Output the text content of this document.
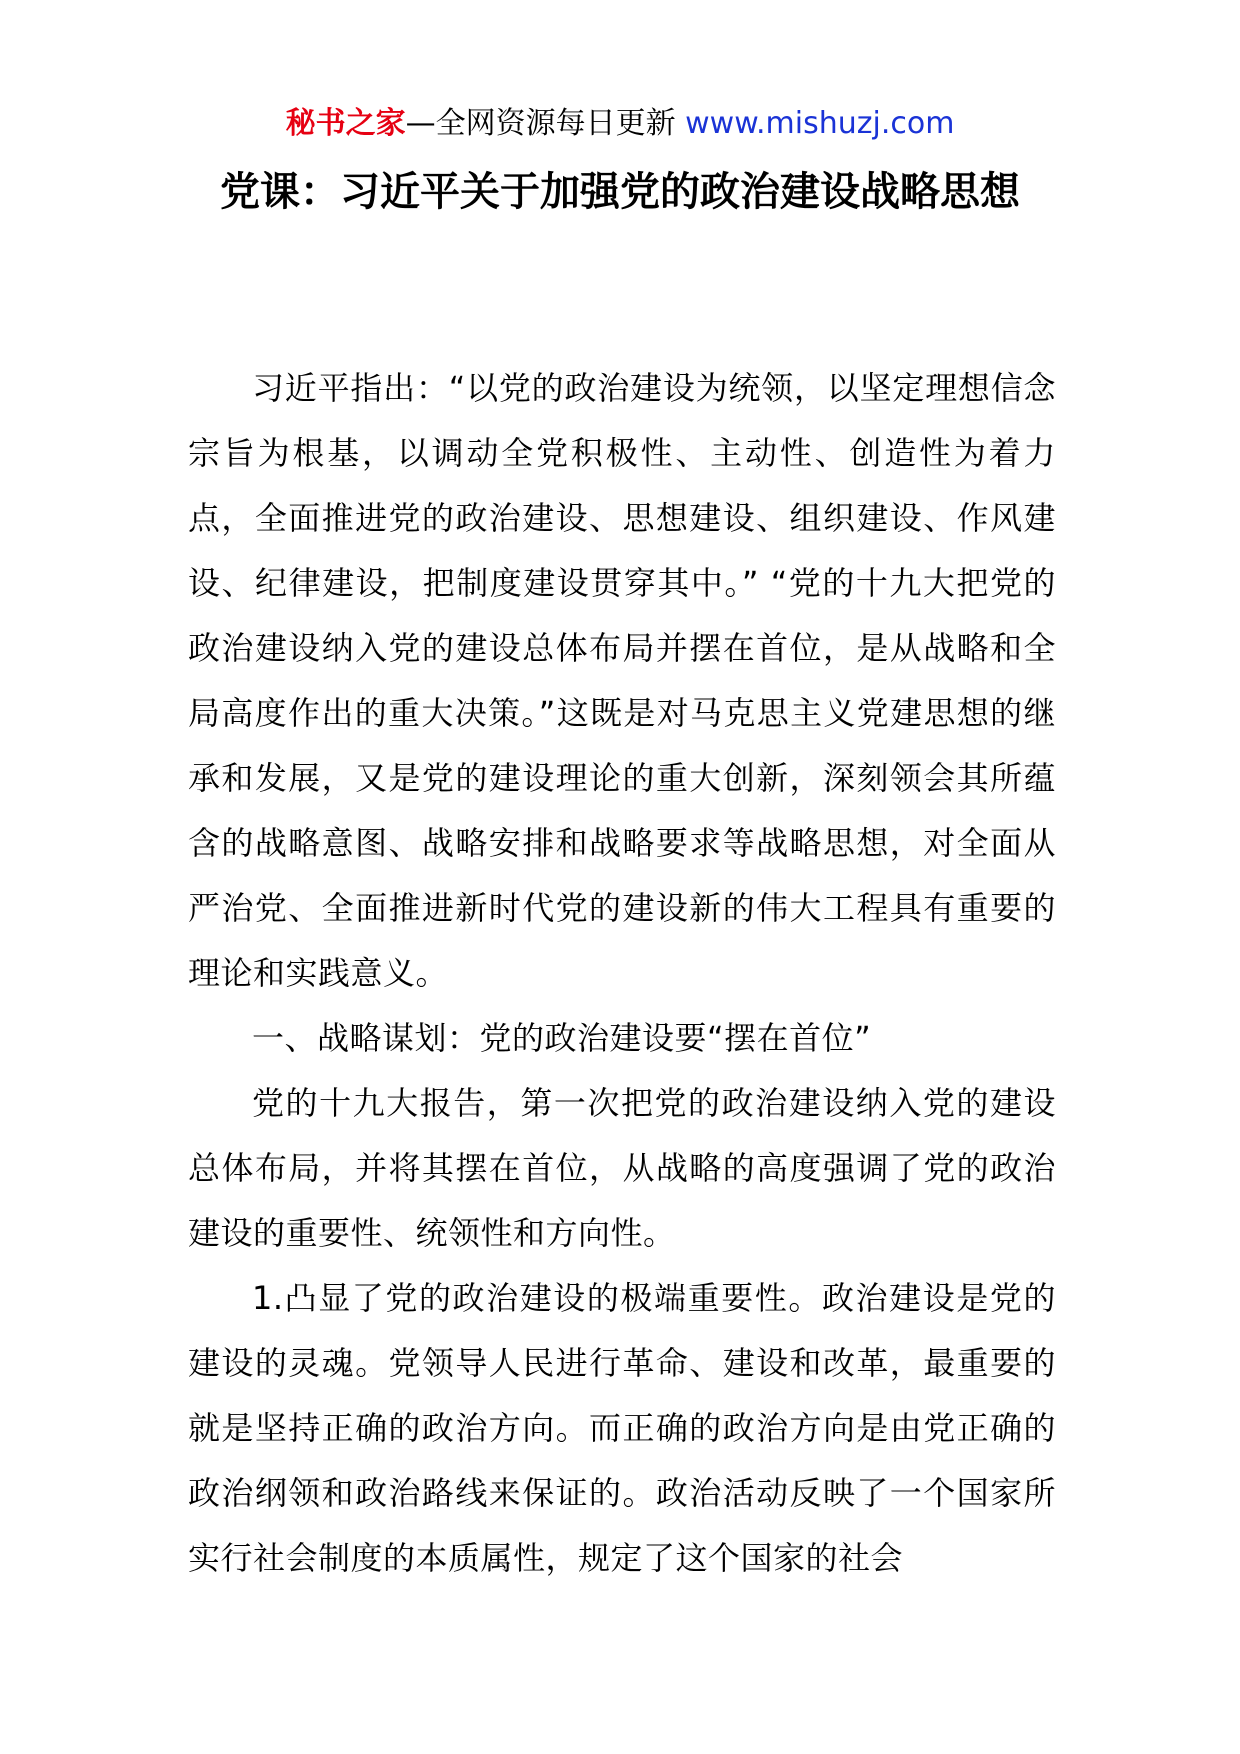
秘书之家—全网资源每日更新 www.mishuzj.com
党课：习近平关于加强党的政治建设战略思想

习近平指出：“以党的政治建设为统领，以坚定理想信念宗旨为根基，以调动全党积极性、主动性、创造性为着力点，全面推进党的政治建设、思想建设、组织建设、作风建设、纪律建设，把制度建设贯穿其中。” “党的十九大把党的政治建设纳入党的建设总体布局并摆在首位，是从战略和全局高度作出的重大决策。”这既是对马克思主义党建思想的继承和发展，又是党的建设理论的重大创新，深刻领会其所蕴含的战略意图、战略安排和战略要求等战略思想，对全面从严治党、全面推进新时代党的建设新的伟大工程具有重要的理论和实践意义。

一、战略谋划：党的政治建设要“摆在首位”

党的十九大报告，第一次把党的政治建设纳入党的建设总体布局，并将其摆在首位，从战略的高度强调了党的政治建设的重要性、统领性和方向性。

1.凸显了党的政治建设的极端重要性。政治建设是党的建设的灵魂。党领导人民进行革命、建设和改革，最重要的就是坚持正确的政治方向。而正确的政治方向是由党正确的政治纲领和政治路线来保证的。政治活动反映了一个国家所实行社会制度的本质属性，规定了这个国家的社会
